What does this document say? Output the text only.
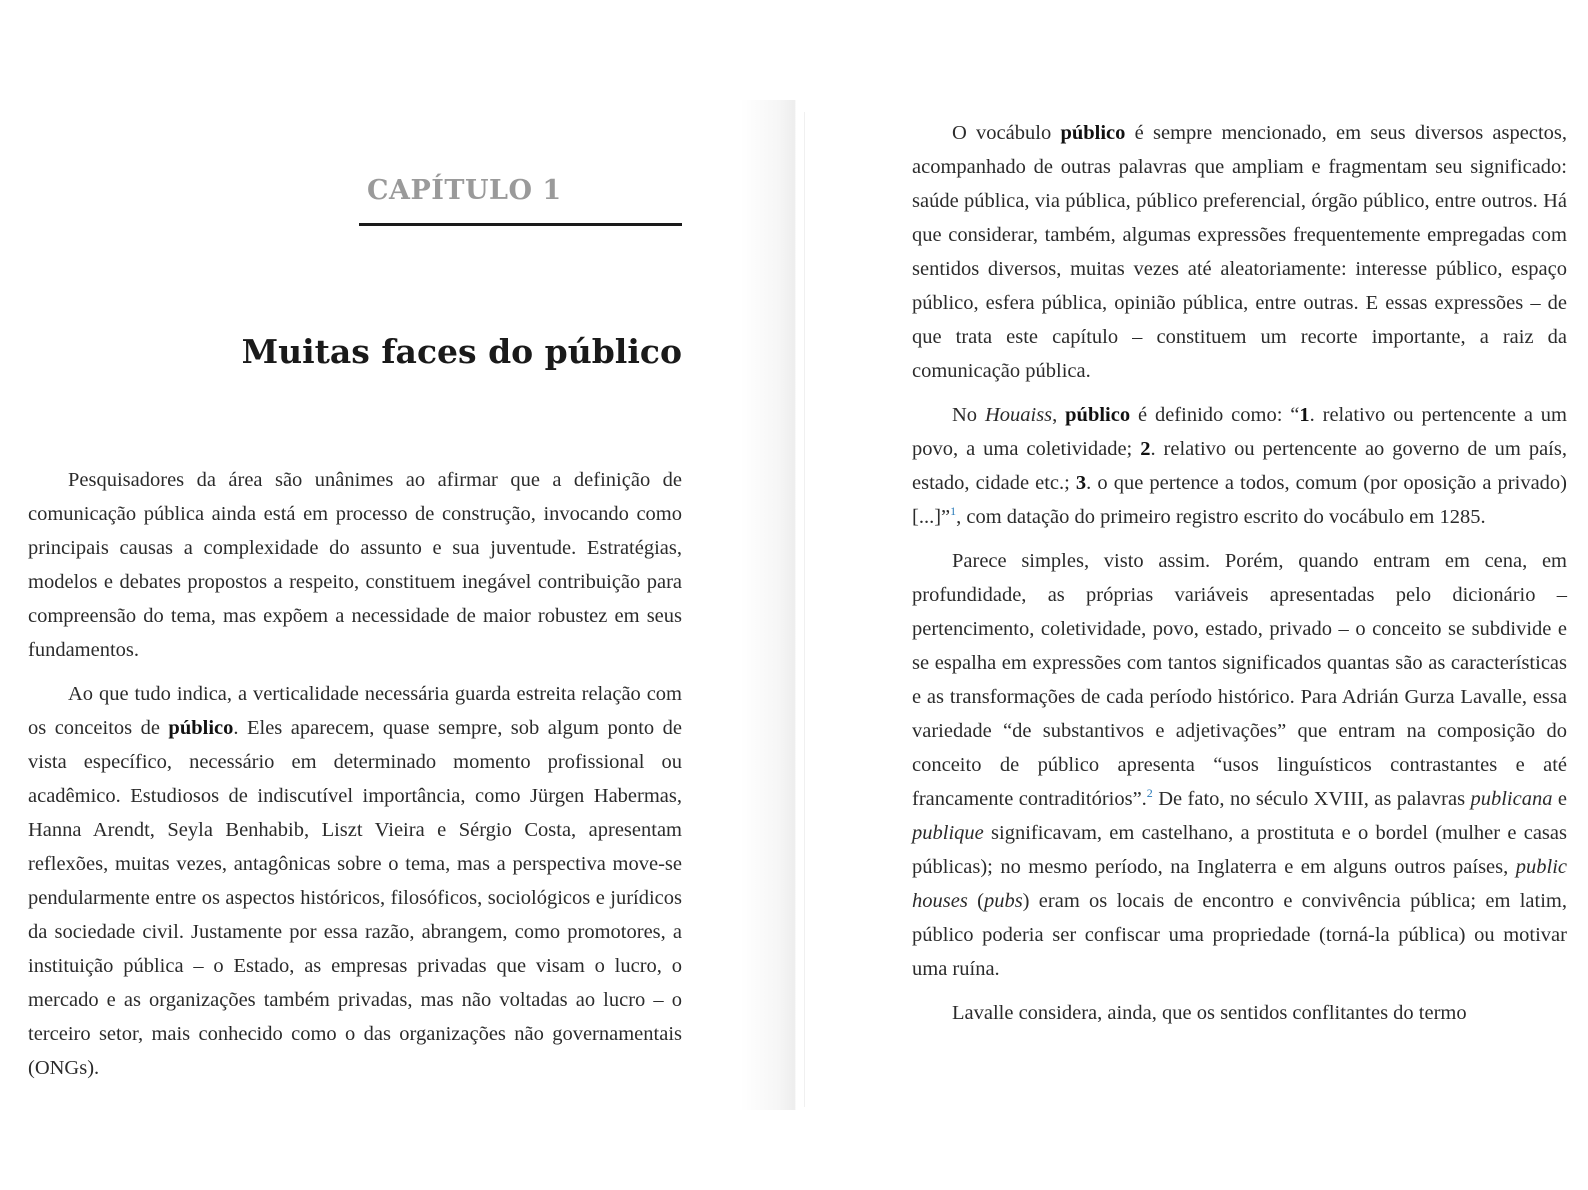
CAPÍTULO 1
Muitas faces do público

Pesquisadores da área são unânimes ao afirmar que a definição de comunicação pública ainda está em processo de construção, invocando como principais causas a complexidade do assunto e sua juventude. Estratégias, modelos e debates propostos a respeito, constituem inegável contribuição para compreensão do tema, mas expõem a necessidade de maior robustez em seus fundamentos.

Ao que tudo indica, a verticalidade necessária guarda estreita relação com os conceitos de público. Eles aparecem, quase sempre, sob algum ponto de vista específico, necessário em determinado momento profissional ou acadêmico. Estudiosos de indiscutível importância, como Jürgen Habermas, Hanna Arendt, Seyla Benhabib, Liszt Vieira e Sérgio Costa, apresentam reflexões, muitas vezes, antagônicas sobre o tema, mas a perspectiva move-se pendularmente entre os aspectos históricos, filosóficos, sociológicos e jurídicos da sociedade civil. Justamente por essa razão, abrangem, como promotores, a instituição pública – o Estado, as empresas privadas que visam o lucro, o mercado e as organizações também privadas, mas não voltadas ao lucro – o terceiro setor, mais conhecido como o das organizações não governamentais (ONGs).

O vocábulo público é sempre mencionado, em seus diversos aspectos, acompanhado de outras palavras que ampliam e fragmentam seu significado: saúde pública, via pública, público preferencial, órgão público, entre outros. Há que considerar, também, algumas expressões frequentemente empregadas com sentidos diversos, muitas vezes até aleatoriamente: interesse público, espaço público, esfera pública, opinião pública, entre outras. E essas expressões – de que trata este capítulo – constituem um recorte importante, a raiz da comunicação pública.

No Houaiss, público é definido como: “1. relativo ou pertencente a um povo, a uma coletividade; 2. relativo ou pertencente ao governo de um país, estado, cidade etc.; 3. o que pertence a todos, comum (por oposição a privado) [...]”$^1$, com datação do primeiro registro escrito do vocábulo em 1285.

Parece simples, visto assim. Porém, quando entram em cena, em profundidade, as próprias variáveis apresentadas pelo dicionário – pertencimento, coletividade, povo, estado, privado – o conceito se subdivide e se espalha em expressões com tantos significados quantas são as características e as transformações de cada período histórico. Para Adrián Gurza Lavalle, essa variedade “de substantivos e adjetivações” que entram na composição do conceito de público apresenta “usos linguísticos contrastantes e até francamente contraditórios”.$^2$ De fato, no século XVIII, as palavras publicana e publique significavam, em castelhano, a prostituta e o bordel (mulher e casas públicas); no mesmo período, na Inglaterra e em alguns outros países, public houses (pubs) eram os locais de encontro e convivência pública; em latim, público poderia ser confiscar uma propriedade (torná-la pública) ou motivar uma ruína.

Lavalle considera, ainda, que os sentidos conflitantes do termo
